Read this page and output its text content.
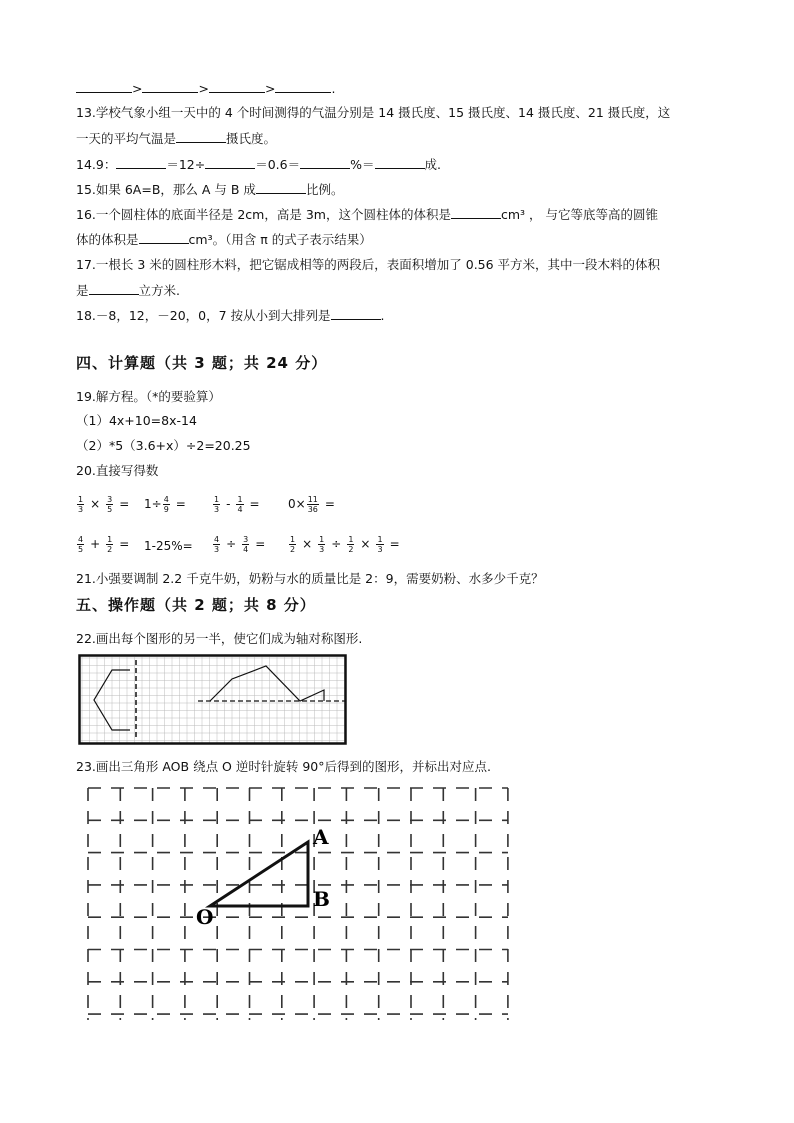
>	>	>	.
13.学校气象小组一天中的 4 个时间测得的气温分别是 14 摄氏度、15 摄氏度、14 摄氏度、21 摄氏度，这
一天的平均气温是	摄氏度。
14.9：	＝12÷	＝0.6＝	%＝	成.
15.如果 6A=B，那么 A 与 B 成	比例。
16.一个圆柱体的底面半径是 2cm，高是 3m，这个圆柱体的体积是	cm³ ， 与它等底等高的圆锥
体的体积是	cm³。（用含 π 的式子表示结果）
17.一根长 3 米的圆柱形木料，把它锯成相等的两段后，表面积增加了 0.56 平方米，其中一段木料的体积
是	立方米.
18.－8，12，－20，0，7 按从小到大排列是	.
四、计算题（共 3 题；共 24 分）
19.解方程。（*的要验算）
（1）4x+10=8x-14
（2）*5（3.6+x）÷2=20.25
20.直接写得数
$\frac{1}{3} \times \frac{3}{5}$ =	$1\div \frac{4}{9}$ =	$\frac{1}{3} - \frac{1}{4}$ =	$0\times \frac{11}{36}$ =
$\frac{4}{5} + \frac{1}{2}$ =	1-25%=	$\frac{4}{3} \div \frac{3}{4}$ =	$\frac{1}{2} \times \frac{1}{3} \div \frac{1}{2} \times \frac{1}{3}$ =
21.小强要调制 2.2 千克牛奶，奶粉与水的质量比是 2：9，需要奶粉、水多少千克？
五、操作题（共 2 题；共 8 分）
22.画出每个图形的另一半，使它们成为轴对称图形.
23.画出三角形 AOB 绕点 O 逆时针旋转 90°后得到的图形，并标出对应点.
A
B
O
